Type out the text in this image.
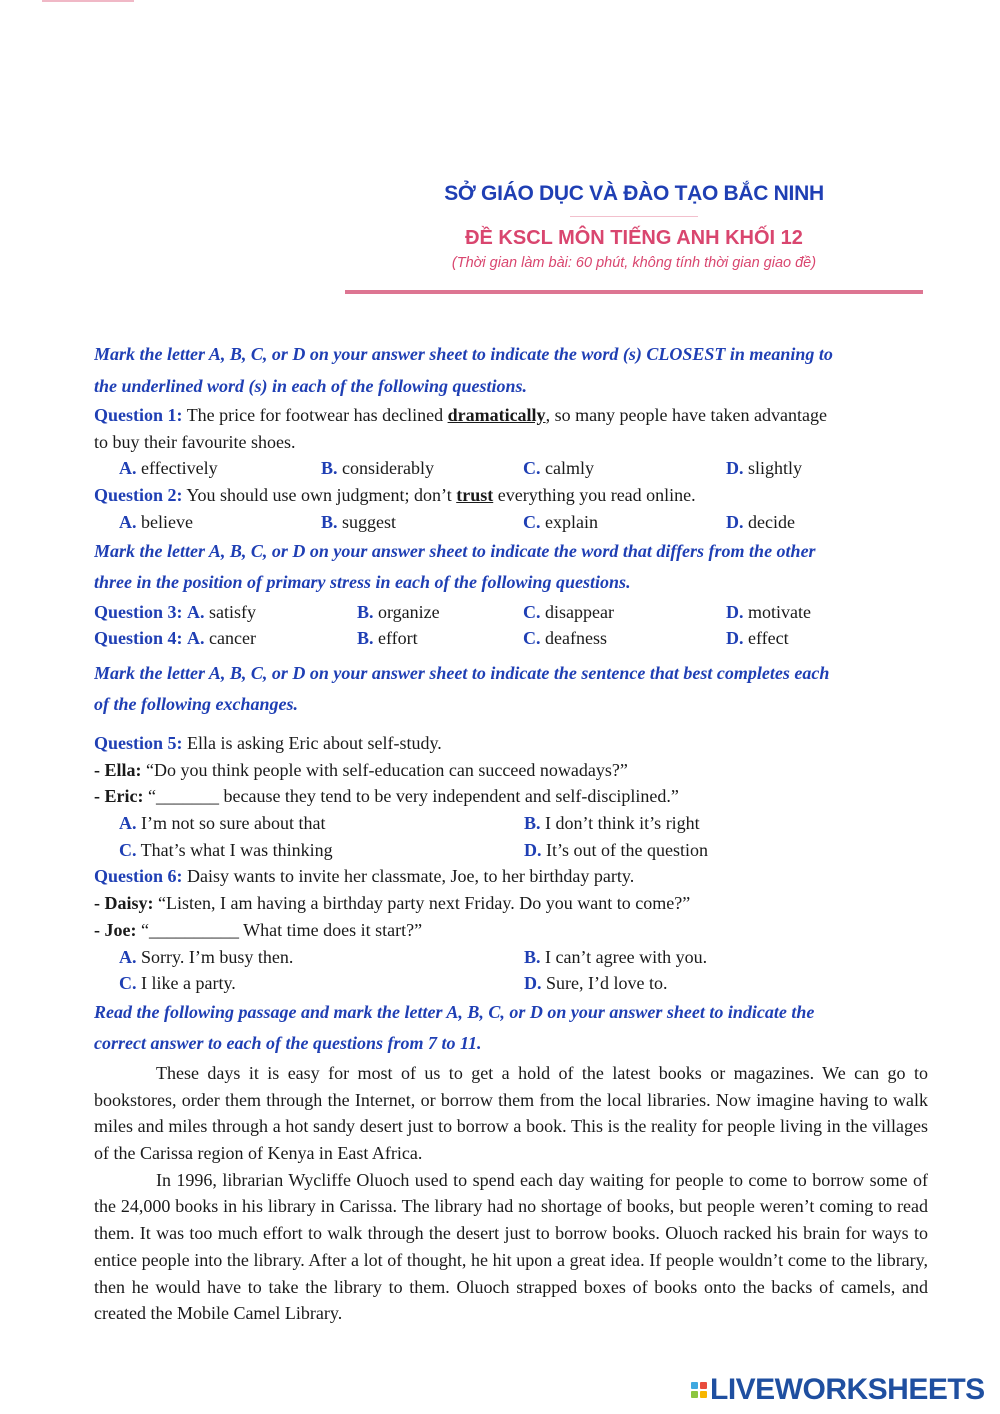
SỞ GIÁO DỤC VÀ ĐÀO TẠO BẮC NINH
ĐỀ KSCL MÔN TIẾNG ANH KHỐI 12
(Thời gian làm bài: 60 phút, không tính thời gian giao đề)
Mark the letter A, B, C, or D on your answer sheet to indicate the word (s) CLOSEST in meaning to
the underlined word (s) in each of the following questions.
Question 1: The price for footwear has declined dramatically, so many people have taken advantage
to buy their favourite shoes.
A. effectively	B. considerably	C. calmly	D. slightly
Question 2: You should use own judgment; don’t trust everything you read online.
A. believe	B. suggest	C. explain	D. decide
Mark the letter A, B, C, or D on your answer sheet to indicate the word that differs from the other
three in the position of primary stress in each of the following questions.
Question 3: A. satisfy	B. organize	C. disappear	D. motivate
Question 4: A. cancer	B. effort	C. deafness	D. effect
Mark the letter A, B, C, or D on your answer sheet to indicate the sentence that best completes each
of the following exchanges.
Question 5: Ella is asking Eric about self-study.
- Ella: “Do you think people with self-education can succeed nowadays?”
- Eric: “_______ because they tend to be very independent and self-disciplined.”
A. I’m not so sure about that	B. I don’t think it’s right
C. That’s what I was thinking	D. It’s out of the question
Question 6: Daisy wants to invite her classmate, Joe, to her birthday party.
- Daisy: “Listen, I am having a birthday party next Friday. Do you want to come?”
- Joe: “__________ What time does it start?”
A. Sorry. I’m busy then.	B. I can’t agree with you.
C. I like a party.	D. Sure, I’d love to.
Read the following passage and mark the letter A, B, C, or D on your answer sheet to indicate the
correct answer to each of the questions from 7 to 11.
These days it is easy for most of us to get a hold of the latest books or magazines. We can go to bookstores, order them through the Internet, or borrow them from the local libraries. Now imagine having to walk miles and miles through a hot sandy desert just to borrow a book. This is the reality for people living in the villages of the Carissa region of Kenya in East Africa.
In 1996, librarian Wycliffe Oluoch used to spend each day waiting for people to come to borrow some of the 24,000 books in his library in Carissa. The library had no shortage of books, but people weren’t coming to read them. It was too much effort to walk through the desert just to borrow books. Oluoch racked his brain for ways to entice people into the library. After a lot of thought, he hit upon a great idea. If people wouldn’t come to the library, then he would have to take the library to them. Oluoch strapped boxes of books onto the backs of camels, and created the Mobile Camel Library.
LIVEWORKSHEETS
